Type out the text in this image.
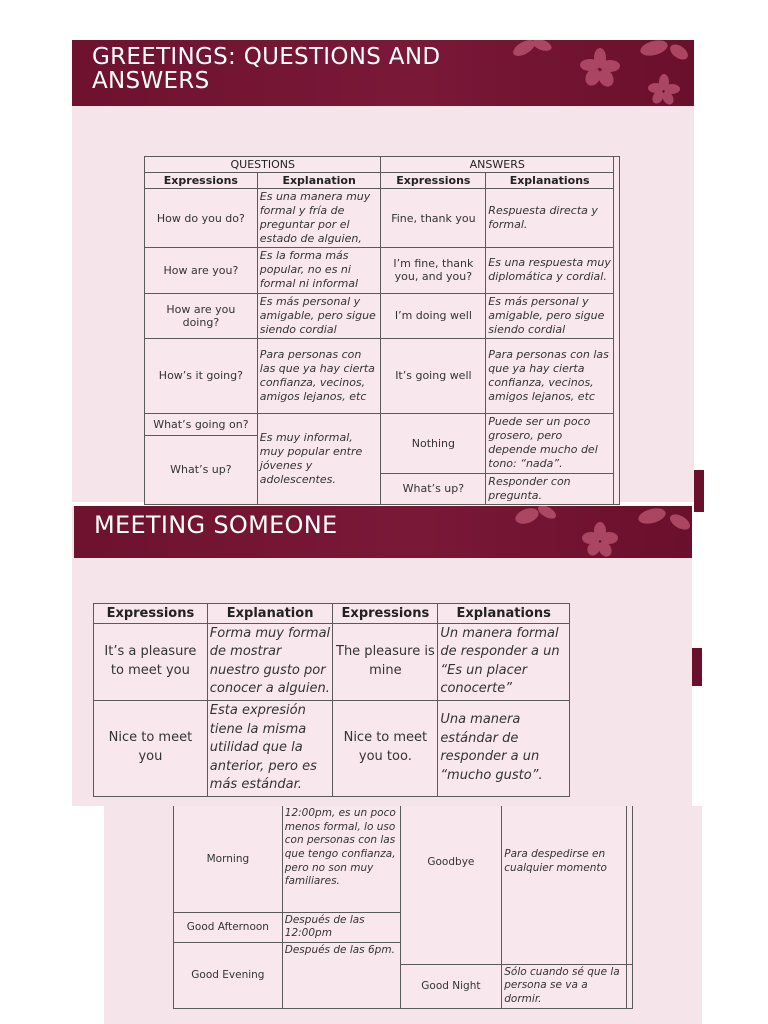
GREETINGS: QUESTIONS AND
ANSWERS
QUESTIONS		ANSWERS		
Expressions	Explanation	Expressions	Explanations	
How do you do?	Es una manera muy formal y fría de preguntar por el estado de alguien,	Fine, thank you	Respuesta directa y formal.	
How are you?	Es la forma más popular, no es ni formal ni informal	I’m fine, thank you, and you?	Es una respuesta muy diplomática y cordial.	
How are you doing?	Es más personal y amigable, pero sigue siendo cordial	I’m doing well	Es más personal y amigable, pero sigue siendo cordial	
How’s it going?	Para personas con las que ya hay cierta confianza, vecinos, amigos lejanos, etc	It’s going well	Para personas con las que ya hay cierta confianza, vecinos, amigos lejanos, etc	
What’s going on?	Es muy informal, muy popular entre jóvenes y adolescentes.	Nothing	Puede ser un poco grosero, pero depende mucho del tono: “nada”.	
What’s up?				
		What’s up?	Responder con pregunta.	
MEETING SOMEONE
Expressions	Explanation	Expressions	Explanations
It’s a pleasure to meet you	Forma muy formal de mostrar nuestro gusto por conocer a alguien.	The pleasure is mine	Un manera formal de responder a un “Es un placer conocerte”
Nice to meet you	Esta expresión tiene la misma utilidad que la anterior, pero es más estándar.	Nice to meet you too.	Una manera estándar de responder a un “mucho gusto”.
Morning	12:00pm, es un poco menos formal, lo uso con personas con las que tengo confianza, pero no son muy familiares.	Goodbye	Para despedirse en cualquier momento	
Good Afternoon	Después de las 12:00pm			
Good Evening	Después de las 6pm.			
		Good Night	Sólo cuando sé que la persona se va a dormir.	
